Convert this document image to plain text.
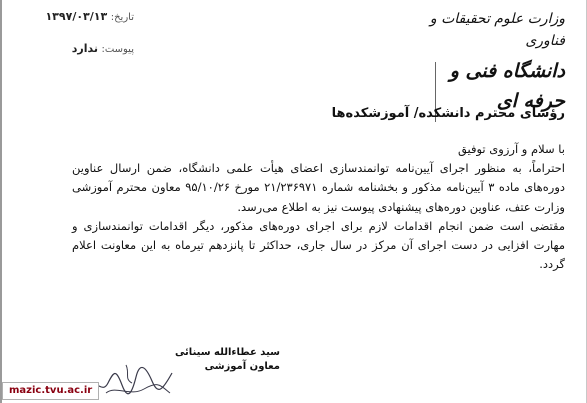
تاریخ: ۱۳۹۷/۰۳/۱۳
پیوست: ندارد
وزارت علوم تحقیقات و فناوری
دانشگاه فنی و حرفه ای
رؤسای محترم دانشکده/ آموزشکده‌ها

با سلام و آرزوی توفیق

احتراماً، به منظور اجرای آیین‌نامه توانمندسازی اعضای هیأت علمی دانشگاه، ضمن ارسال عناوین دوره‌های ماده ۳ آیین‌نامه مذکور و بخشنامه شماره ۲۱/۲۳۶۹۷۱ مورخ ۹۵/۱۰/۲۶ معاون محترم آموزشی وزارت عتف، عناوین دوره‌های پیشنهادی پیوست نیز به اطلاع می‌رسد.

مقتضی است ضمن انجام اقدامات لازم برای اجرای دوره‌های مذکور، دیگر اقدامات توانمندسازی و مهارت افزایی در دست اجرای آن مرکز در سال جاری، حداکثر تا پانزدهم تیرماه به این معاونت اعلام گردد.

سید عطاءالله سینائی
معاون آموزشی
mazic.tvu.ac.ir
